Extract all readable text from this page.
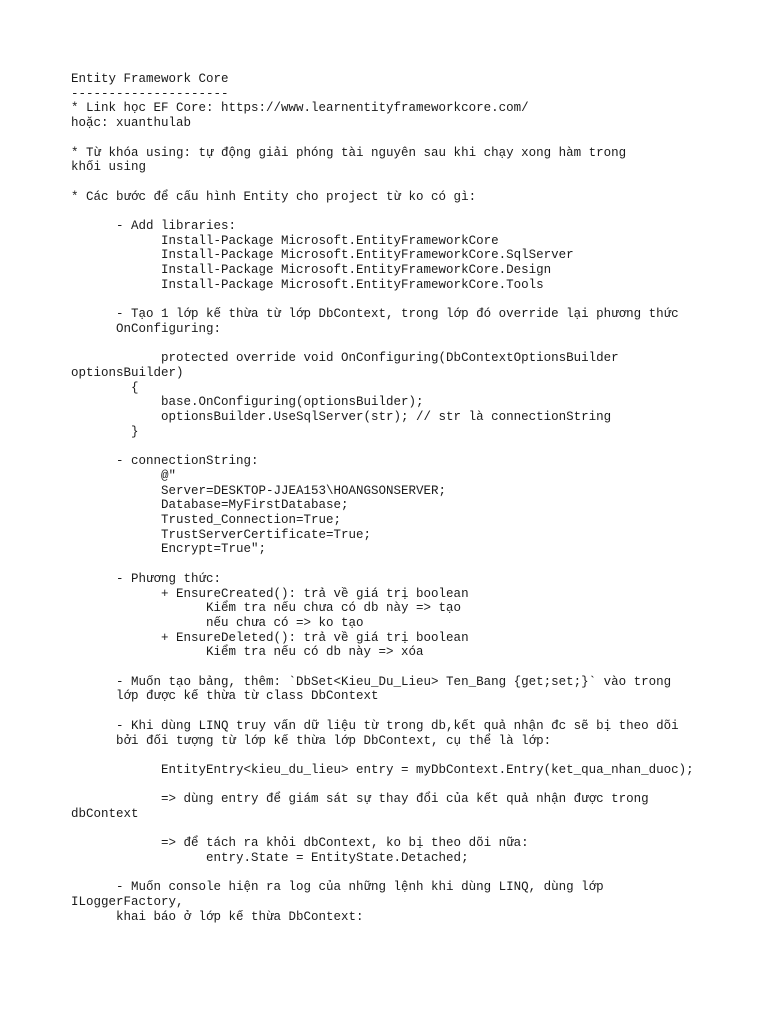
Entity Framework Core
---------------------
* Link học EF Core: https://www.learnentityframeworkcore.com/
hoặc: xuanthulab
* Từ khóa using: tự động giải phóng tài nguyên sau khi chạy xong hàm trong
khối using
* Các bước để cấu hình Entity cho project từ ko có gì:
- Add libraries:
Install-Package Microsoft.EntityFrameworkCore
Install-Package Microsoft.EntityFrameworkCore.SqlServer
Install-Package Microsoft.EntityFrameworkCore.Design
Install-Package Microsoft.EntityFrameworkCore.Tools
- Tạo 1 lớp kế thừa từ lớp DbContext, trong lớp đó override lại phương thức
OnConfiguring:
protected override void OnConfiguring(DbContextOptionsBuilder
optionsBuilder)
{
base.OnConfiguring(optionsBuilder);
optionsBuilder.UseSqlServer(str); // str là connectionString
}
- connectionString:
@"
Server=DESKTOP-JJEA153\HOANGSONSERVER;
Database=MyFirstDatabase;
Trusted_Connection=True;
TrustServerCertificate=True;
Encrypt=True";
- Phương thức:
+ EnsureCreated(): trả về giá trị boolean
Kiểm tra nếu chưa có db này => tạo
nếu chưa có => ko tạo
+ EnsureDeleted(): trả về giá trị boolean
Kiểm tra nếu có db này => xóa
- Muốn tạo bảng, thêm: `DbSet<Kieu_Du_Lieu> Ten_Bang {get;set;}` vào trong
lớp được kế thừa từ class DbContext
- Khi dùng LINQ truy vấn dữ liệu từ trong db,kết quả nhận đc sẽ bị theo dõi
bởi đối tượng từ lớp kế thừa lớp DbContext, cụ thể là lớp:
EntityEntry<kieu_du_lieu> entry = myDbContext.Entry(ket_qua_nhan_duoc);
=> dùng entry để giám sát sự thay đổi của kết quả nhận được trong
dbContext
=> để tách ra khỏi dbContext, ko bị theo dõi nữa:
entry.State = EntityState.Detached;
- Muốn console hiện ra log của những lệnh khi dùng LINQ, dùng lớp
ILoggerFactory,
khai báo ở lớp kế thừa DbContext:
